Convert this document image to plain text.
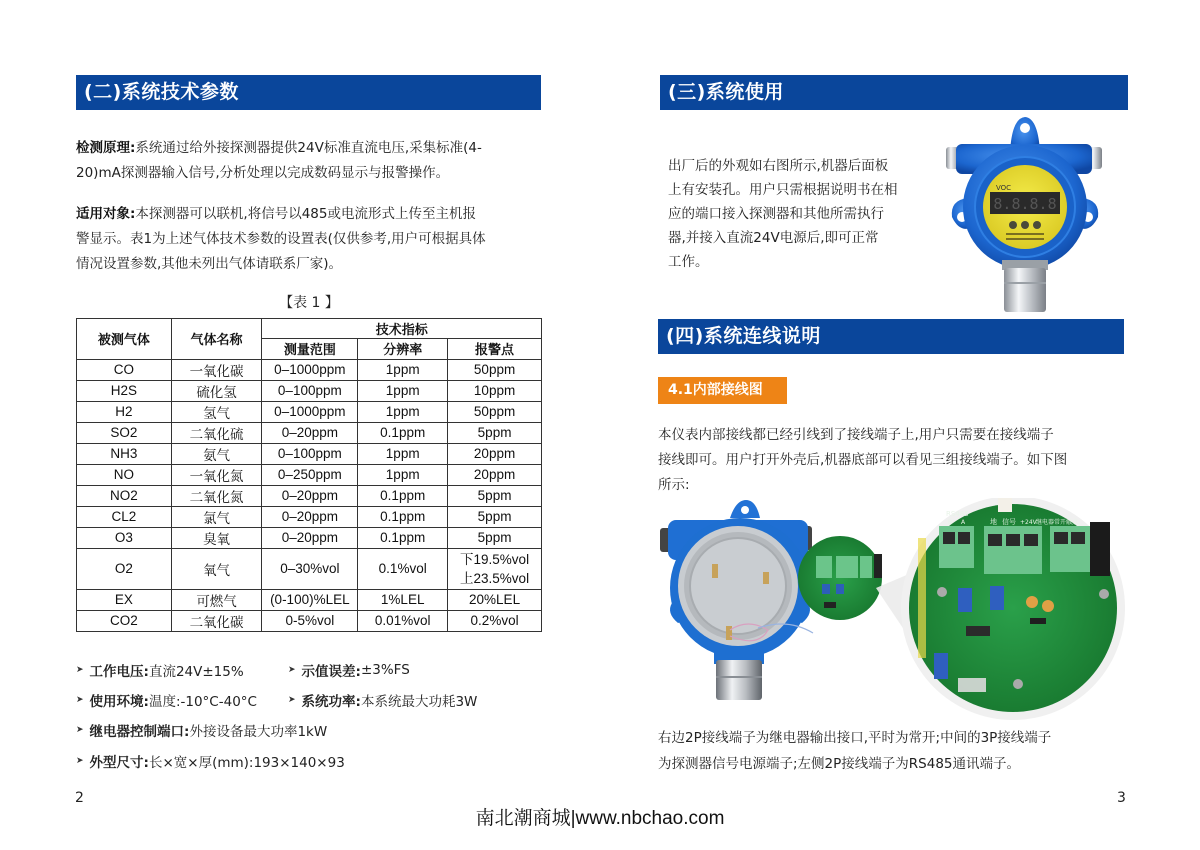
(二)系统技术参数
检测原理:系统通过给外接探测器提供24V标准直流电压,采集标准(4-
20)mA探测器输入信号,分析处理以完成数码显示与报警操作。
适用对象:本探测器可以联机,将信号以485或电流形式上传至主机报
警显示。表1为上述气体技术参数的设置表(仅供参考,用户可根据具体
情况设置参数,其他未列出气体请联系厂家)。
【表 1 】
被测气体	气体名称	技术指标		
		测量范围	分辨率	报警点
CO	一氧化碳	0–1000ppm	1ppm	50ppm
H2S	硫化氢	0–100ppm	1ppm	10ppm
H2	氢气	0–1000ppm	1ppm	50ppm
SO2	二氧化硫	0–20ppm	0.1ppm	5ppm
NH3	氨气	0–100ppm	1ppm	20ppm
NO	一氧化氮	0–250ppm	1ppm	20ppm
NO2	二氧化氮	0–20ppm	0.1ppm	5ppm
CL2	氯气	0–20ppm	0.1ppm	5ppm
O3	臭氧	0–20ppm	0.1ppm	5ppm
O2	氧气	0–30%vol	0.1%vol	下19.5%vol
上23.5%vol

EX	可燃气	(0-100)%LEL	1%LEL	20%LEL
CO2	二氧化碳	0-5%vol	0.01%vol	0.2%vol
➤ 工作电压: 直流24V±15%	➤ 示值误差: ±3%FS
➤ 使用环境: 温度:-10°C-40°C	➤ 系统功率: 本系统最大功耗3W
➤ 继电器控制端口: 外接设备最大功率1kW
➤ 外型尺寸: 长×宽×厚(mm):193×140×93
2
(三)系统使用
出厂后的外观如右图所示,机器后面板
上有安装孔。用户只需根据说明书在相
应的端口接入探测器和其他所需执行
器,并接入直流24V电源后,即可正常
工作。
VOC
8.8.8.8
(四)系统连线说明
4.1内部接线图
本仪表内部接线都已经引线到了接线端子上,用户只需要在接线端子
接线即可。用户打开外壳后,机器底部可以看见三组接线端子。如下图
所示:
RS485
B A	地 信号 +24V 继电器常开触点
右边2P接线端子为继电器输出接口,平时为常开;中间的3P接线端子
为探测器信号电源端子;左侧2P接线端子为RS485通讯端子。
3
南北潮商城|www.nbchao.com
